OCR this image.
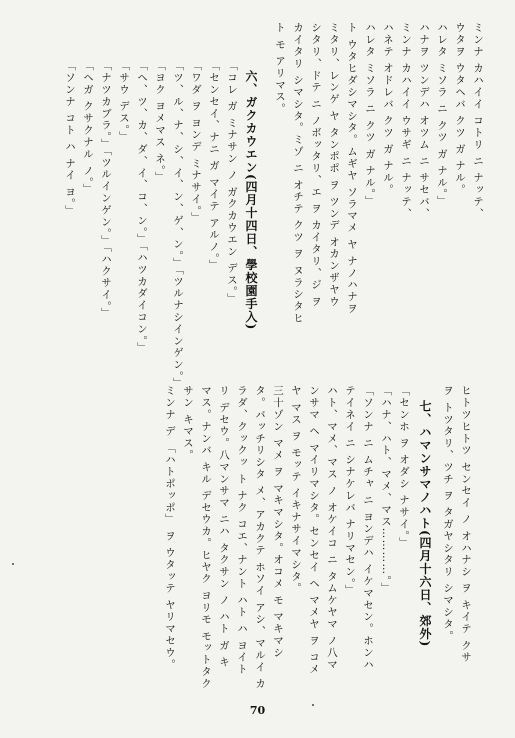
ミンナ カハイイ コトリ ニ ナッテ、
ウタヲ ウタヘバ クツ ガ ナル。
ハレタ ミソラ ニ クツ ガ ナル。」
ハナヲ ツンデハ オツム ニ サセバ、
ミンナ カハイイ ウサギ ニ ナッテ、
ハネテ オドレバ クツ ガ ナル。
ハレタ ミソラ ニ クツ ガ ナル。」
ト ウタヒダシマシタ。ムギヤ ソラマメ ヤ ナノハナヲ
ミタリ、レンゲ ヤ タンポポ ヲ ツンデ オカンザヤウ
シタリ、ドテ ニ ノボッタリ、エ ヲ カイタリ、ジ ヲ
カイタリ シマシタ。ミゾ ニ オチテ クツ ヲ ヌラシタヒ
ト モ アリマス。
六、ガクカウエン(四月十四日、學校園手入)
「コレ ガ ミナサン ノ ガクカウエン デス。」
「センセイ、ナニ ガ マイテ アルノ。」
「ワダ ヲ ヨンデ ミナサイ。」
「ツ、ル、ナ、シ、イ、ン、ゲ、ン。」「ツルナシインゲン。」
「ヨク ヨメマス ネ。」
「ヘ、ツ、カ、ダ、イ、コ、ン。」「ハツカダイコン。」
「サウ デス。」
「ナツカブラ。」「ツルインゲン。」「ハクサイ。」
「ヘガ クサクナル ノ。」
「ソンナ コト ハ ナイ ヨ。」
ヒトツヒトツ センセイ ノ オハナシ ヲ キイテ クサ
ヲ トツタリ、ツチ ヲ タガヤシタリ シマシタ。
七、ハマンサマノハト(四月十六日、郊外)
「センホ ヲ オダシ ナサイ。」
「ハナ、ハト、マメ、マス…………。」
「ソンナ ニ ムチャ ニ ヨンデハ イケマセン。ホンハ
テイネイ ニ シナケレバ ナリマセン。」
ハト、マメ、マス ノ オケイコ ニ タムケヤマ ノ八マ
ンサマ ヘ マイリマシタ。センセイ ヘ マメヤ ヲ コメ
ヤ マス ヲ モッテ イキナサイマシタ。
三十ゾン マメ ヲ マキマシタ。オコメ モ マキマシ
タ。バッチリシタ メ、アカクテ ホソイ アシ、マルイ カ
ラダ、クックッ ト ナク コエ、ナント ハト ハ ヨイト
リ デセウ。八マンサマ ニハ タクサン ノ ハト ガ キ
マス。ナンバ キル デセウカ。ヒヤク ヨリモ モットタク
サン キマス。
ミンナ デ 「ハトポッポ」 ヲ ウタッテ ヤリマセウ。
70
